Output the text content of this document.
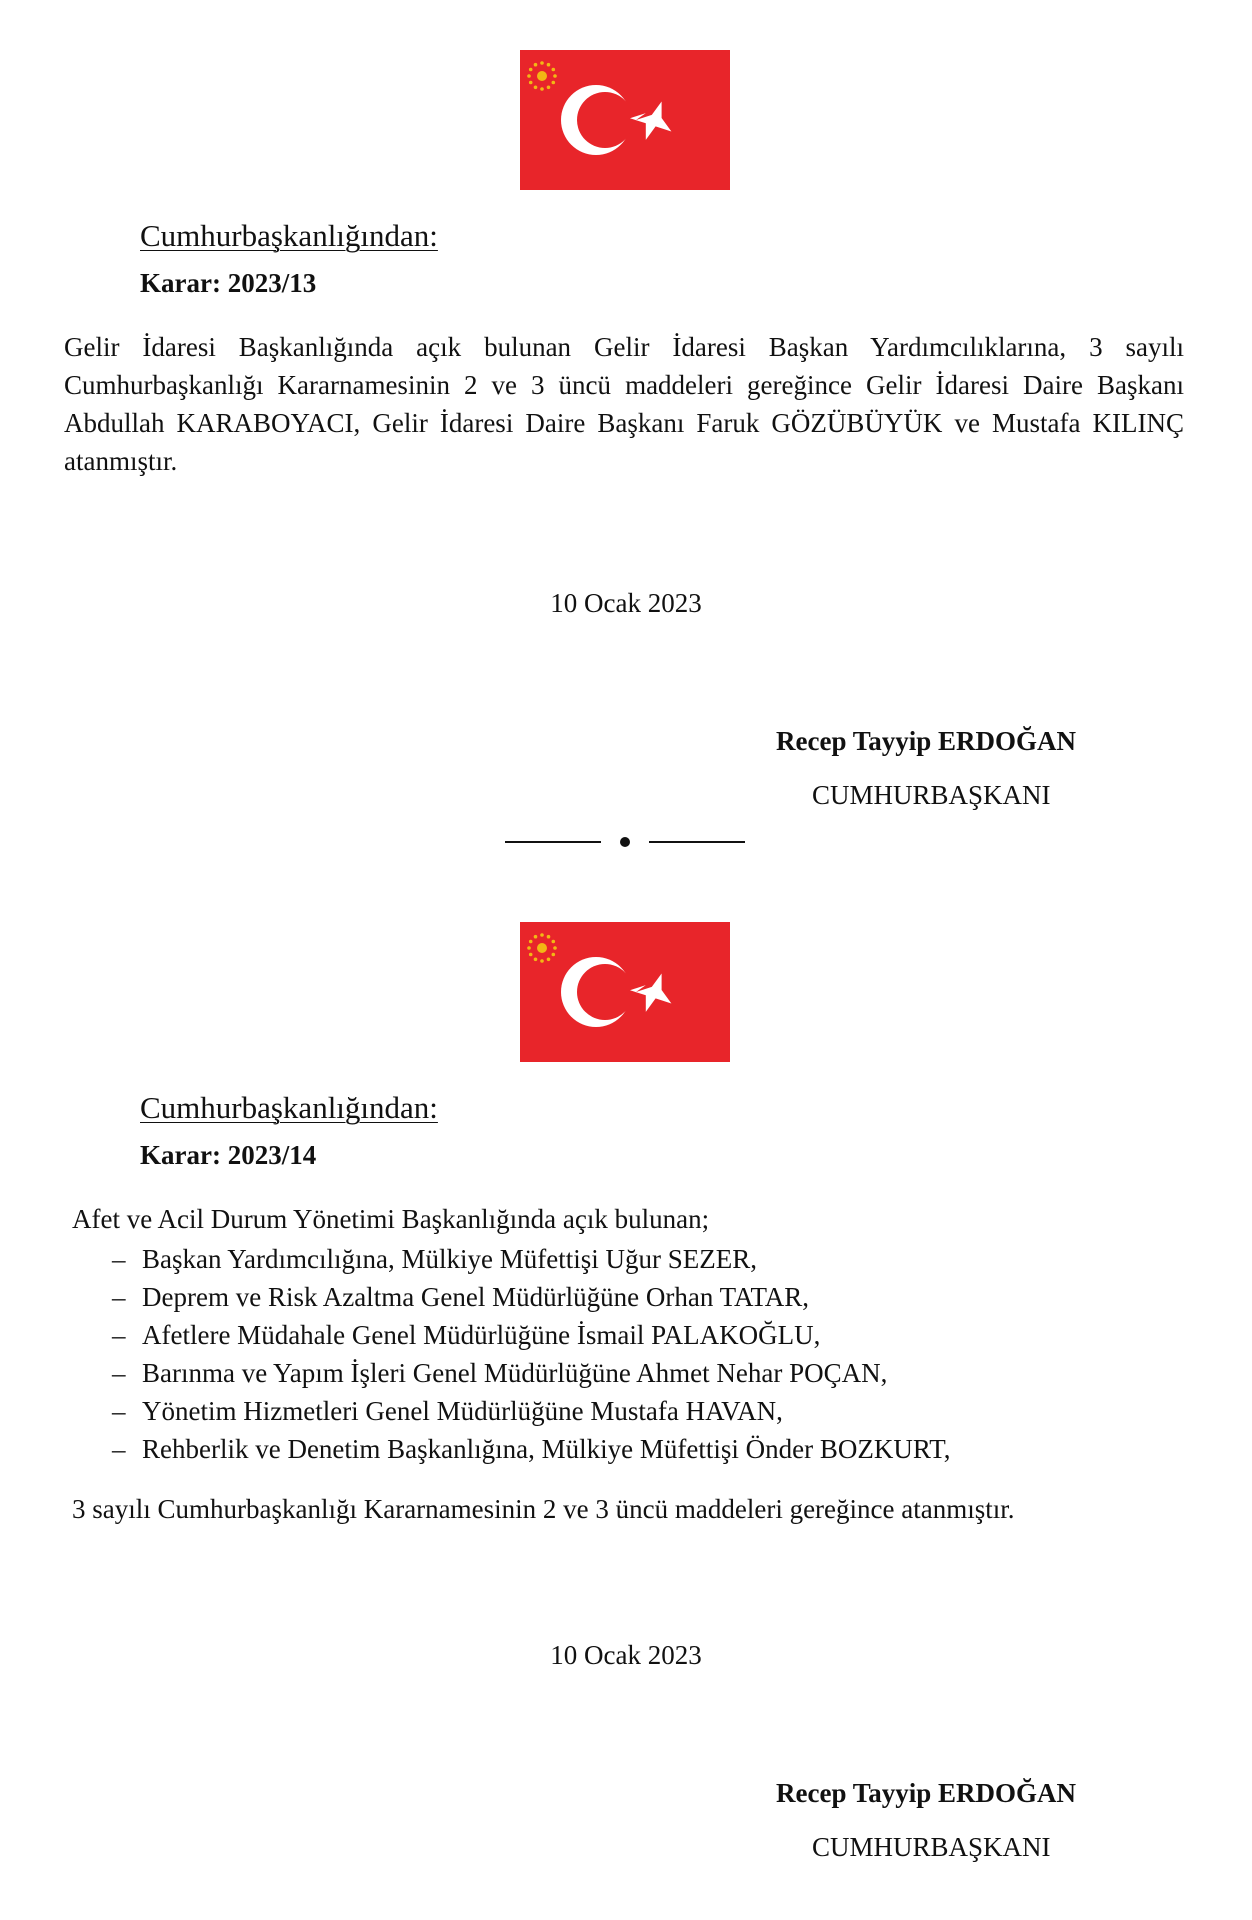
Cumhurbaşkanlığından:
Karar: 2023/13
Gelir İdaresi Başkanlığında açık bulunan Gelir İdaresi Başkan Yardımcılıklarına, 3 sayılı Cumhurbaşkanlığı Kararnamesinin 2 ve 3 üncü maddeleri gereğince Gelir İdaresi Daire Başkanı Abdullah KARABOYACI, Gelir İdaresi Daire Başkanı Faruk GÖZÜBÜYÜK ve Mustafa KILINÇ atanmıştır.
10 Ocak 2023
Recep Tayyip ERDOĞAN
CUMHURBAŞKANI
Cumhurbaşkanlığından:
Karar: 2023/14
Afet ve Acil Durum Yönetimi Başkanlığında açık bulunan;
– Başkan Yardımcılığına, Mülkiye Müfettişi Uğur SEZER,
– Deprem ve Risk Azaltma Genel Müdürlüğüne Orhan TATAR,
– Afetlere Müdahale Genel Müdürlüğüne İsmail PALAKOĞLU,
– Barınma ve Yapım İşleri Genel Müdürlüğüne Ahmet Nehar POÇAN,
– Yönetim Hizmetleri Genel Müdürlüğüne Mustafa HAVAN,
– Rehberlik ve Denetim Başkanlığına, Mülkiye Müfettişi Önder BOZKURT,
3 sayılı Cumhurbaşkanlığı Kararnamesinin 2 ve 3 üncü maddeleri gereğince atanmıştır.
10 Ocak 2023
Recep Tayyip ERDOĞAN
CUMHURBAŞKANI
